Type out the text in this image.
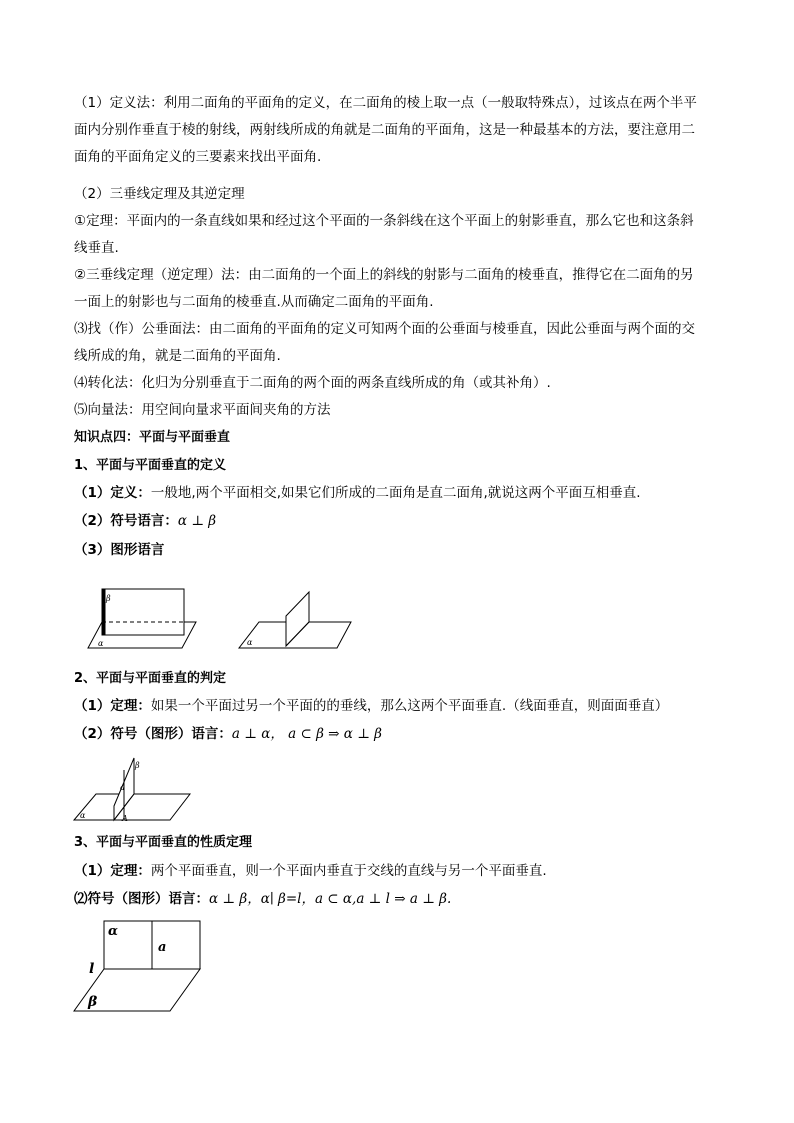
（1）定义法：利用二面角的平面角的定义，在二面角的棱上取一点（一般取特殊点），过该点在两个半平
面内分别作垂直于棱的射线，两射线所成的角就是二面角的平面角，这是一种最基本的方法，要注意用二
面角的平面角定义的三要素来找出平面角.
（2）三垂线定理及其逆定理
①定理：平面内的一条直线如果和经过这个平面的一条斜线在这个平面上的射影垂直，那么它也和这条斜
线垂直.
②三垂线定理（逆定理）法：由二面角的一个面上的斜线的射影与二面角的棱垂直，推得它在二面角的另
一面上的射影也与二面角的棱垂直.从而确定二面角的平面角.
⑶找（作）公垂面法：由二面角的平面角的定义可知两个面的公垂面与棱垂直，因此公垂面与两个面的交
线所成的角，就是二面角的平面角.
⑷转化法：化归为分别垂直于二面角的两个面的两条直线所成的角（或其补角）.
⑸向量法：用空间向量求平面间夹角的方法
知识点四：平面与平面垂直
1、平面与平面垂直的定义
（1）定义：一般地,两个平面相交,如果它们所成的二面角是直二面角,就说这两个平面互相垂直.
（2）符号语言：α ⊥ β
（3）图形语言
β
α	α
2、平面与平面垂直的判定
（1）定理：如果一个平面过另一个平面的的垂线，那么这两个平面垂直.（线面垂直，则面面垂直）
（2）符号（图形）语言：a ⊥ α， a ⊂ β ⇒ α ⊥ β
β
a
α	A
3、平面与平面垂直的性质定理
（1）定理：两个平面垂直，则一个平面内垂直于交线的直线与另一个平面垂直.
⑵符号（图形）语言：α ⊥ β，α∣ β=l，a ⊂ α,a ⊥ l ⇒ a ⊥ β.
α
a
l
β
